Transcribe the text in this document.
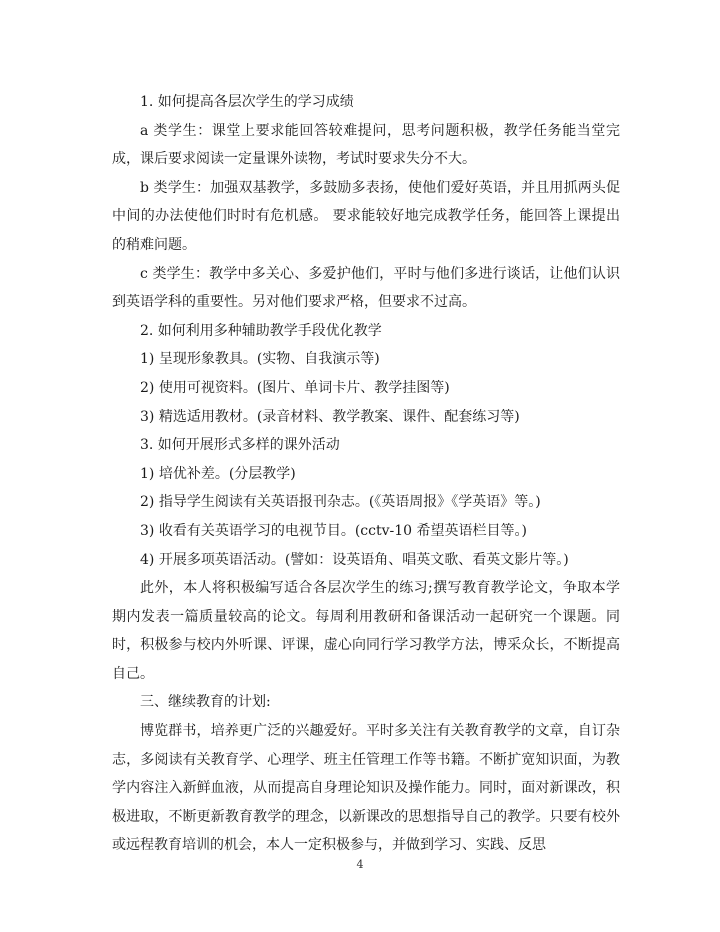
1. 如何提高各层次学生的学习成绩

a 类学生：课堂上要求能回答较难提问，思考问题积极，教学任务能当堂完成，课后要求阅读一定量课外读物，考试时要求失分不大。

b 类学生：加强双基教学，多鼓励多表扬，使他们爱好英语，并且用抓两头促中间的办法使他们时时有危机感。 要求能较好地完成教学任务，能回答上课提出的稍难问题。

c 类学生：教学中多关心、多爱护他们，平时与他们多进行谈话，让他们认识到英语学科的重要性。另对他们要求严格，但要求不过高。

2. 如何利用多种辅助教学手段优化教学

1) 呈现形象教具。(实物、自我演示等)

2) 使用可视资料。(图片、单词卡片、教学挂图等)

3) 精选适用教材。(录音材料、教学教案、课件、配套练习等)

3. 如何开展形式多样的课外活动

1) 培优补差。(分层教学)

2) 指导学生阅读有关英语报刊杂志。(《英语周报》《学英语》等。)

3) 收看有关英语学习的电视节目。(cctv-10 希望英语栏目等。)

4) 开展多项英语活动。(譬如：设英语角、唱英文歌、看英文影片等。)

此外，本人将积极编写适合各层次学生的练习;撰写教育教学论文，争取本学期内发表一篇质量较高的论文。每周利用教研和备课活动一起研究一个课题。同时，积极参与校内外听课、评课，虚心向同行学习教学方法，博采众长，不断提高自己。

三、继续教育的计划:

博览群书，培养更广泛的兴趣爱好。平时多关注有关教育教学的文章，自订杂志，多阅读有关教育学、心理学、班主任管理工作等书籍。不断扩宽知识面，为教学内容注入新鲜血液，从而提高自身理论知识及操作能力。同时，面对新课改，积极进取，不断更新教育教学的理念，以新课改的思想指导自己的教学。只要有校外或远程教育培训的机会，本人一定积极参与，并做到学习、实践、反思

4
